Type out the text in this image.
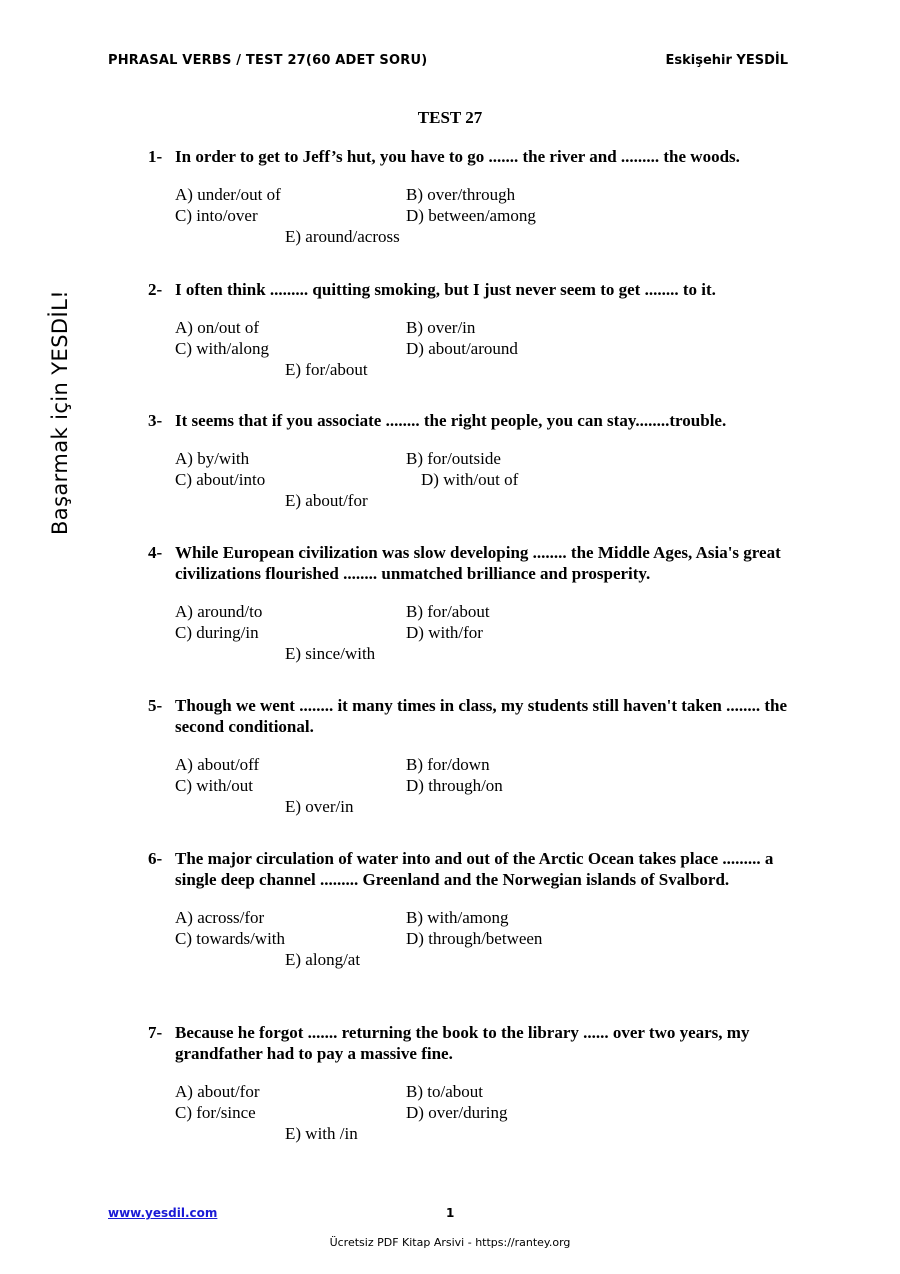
PHRASAL VERBS / TEST 27(60 ADET SORU)	Eskişehir YESDİL
Başarmak için YESDİL!
TEST 27
1- In order to get to Jeff’s hut, you have to go ....... the river and ......... the woods.
A) under/out of	B) over/through
C) into/over	D) between/among
E) around/across
2- I often think ......... quitting smoking, but I just never seem to get ........ to it.
A) on/out of	B) over/in
C) with/along	D) about/around
E) for/about
3- It seems that if you associate ........ the right people, you can stay........trouble.
A) by/with	B) for/outside
C) about/into	D) with/out of
E) about/for
4- While European civilization was slow developing ........ the Middle Ages, Asia's great civilizations flourished ........ unmatched brilliance and prosperity.
A) around/to	B) for/about
C) during/in	D) with/for
E) since/with
5- Though we went ........ it many times in class, my students still haven't taken ........ the second conditional.
A) about/off	B) for/down
C) with/out	D) through/on
E) over/in
6- The major circulation of water into and out of the Arctic Ocean takes place ......... a single deep channel ......... Greenland and the Norwegian islands of Svalbord.
A) across/for	B) with/among
C) towards/with	D) through/between
E) along/at
7- Because he forgot ....... returning the book to the library ...... over two years, my grandfather had to pay a massive fine.
A) about/for	B) to/about
C) for/since	D) over/during
E) with /in
www.yesdil.com	1
Ücretsiz PDF Kitap Arsivi - https://rantey.org
